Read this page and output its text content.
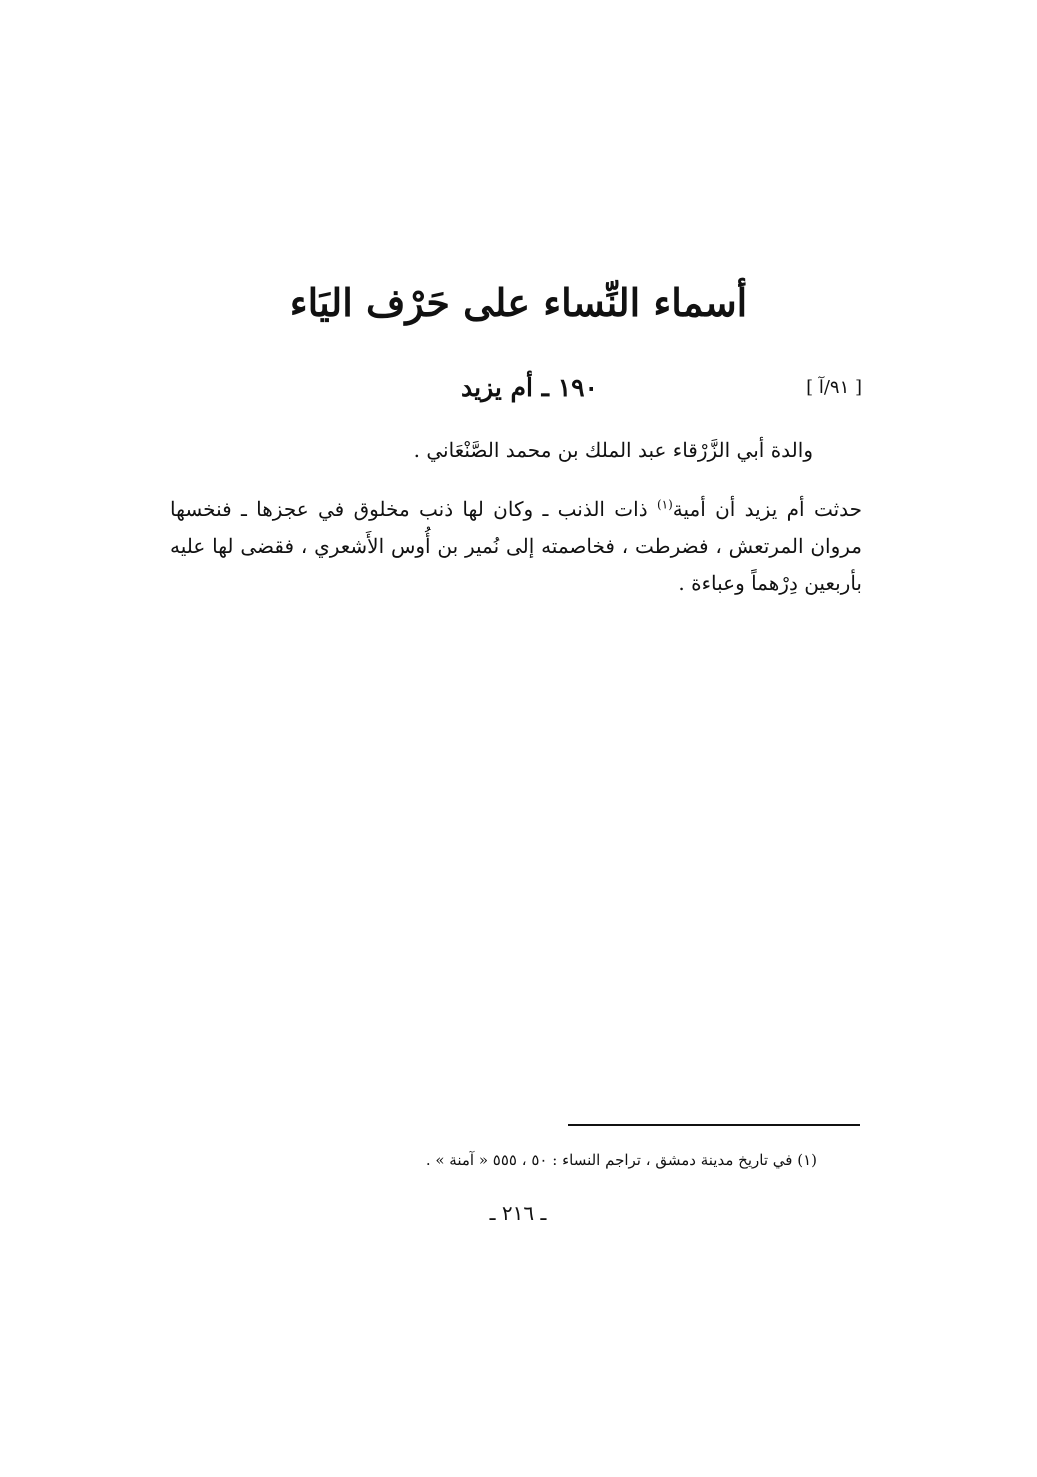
أسماء النِّساء على حَرْف اليَاء
[ ٩١/آ ]
١٩٠ ـ أم يزيد
والدة أبي الزَّرْقاء عبد الملك بن محمد الصَّنْعَاني .
حدثت أم يزيد أن أمية$^{(١)}$ ذات الذنب ـ وكان لها ذنب مخلوق في عجزها ـ فنخسها مروان المرتعش ، فضرطت ، فخاصمته إلى نُمير بن أُوس الأَشعري ، فقضى لها عليه بأربعين دِرْهماً وعباءة .
(١) في تاريخ مدينة دمشق ، تراجم النساء : ٥٠ ، ٥٥٥ « آمنة » .
ـ ٢١٦ ـ
